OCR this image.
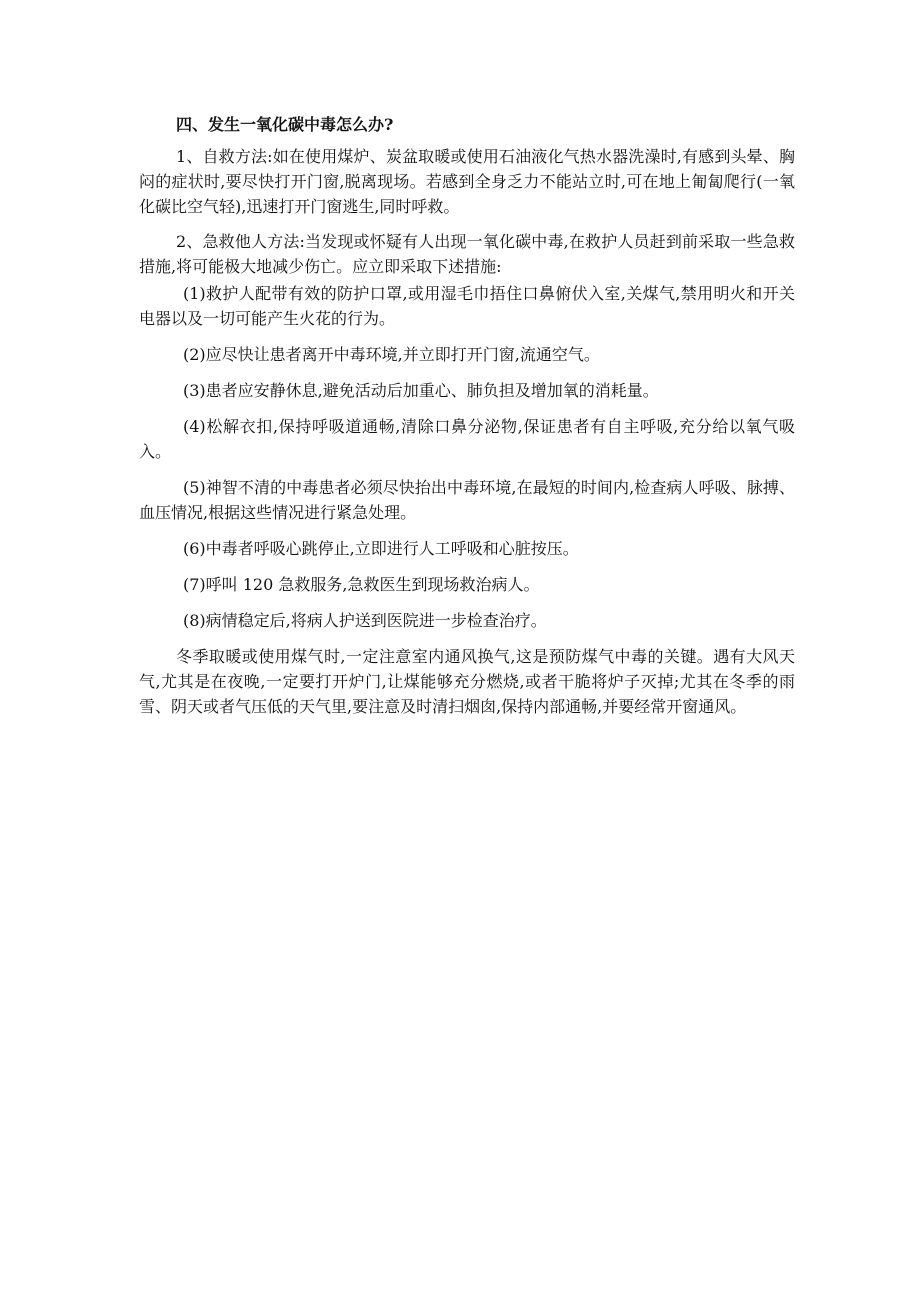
四、发生一氧化碳中毒怎么办?

1、自救方法:如在使用煤炉、炭盆取暖或使用石油液化气热水器洗澡时,有感到头晕、胸闷的症状时,要尽快打开门窗,脱离现场。若感到全身乏力不能站立时,可在地上匍匐爬行(一氧化碳比空气轻),迅速打开门窗逃生,同时呼救。

2、急救他人方法:当发现或怀疑有人出现一氧化碳中毒,在救护人员赶到前采取一些急救措施,将可能极大地减少伤亡。应立即采取下述措施:

(1)救护人配带有效的防护口罩,或用湿毛巾捂住口鼻俯伏入室,关煤气,禁用明火和开关电器以及一切可能产生火花的行为。

(2)应尽快让患者离开中毒环境,并立即打开门窗,流通空气。

(3)患者应安静休息,避免活动后加重心、肺负担及增加氧的消耗量。

(4)松解衣扣,保持呼吸道通畅,清除口鼻分泌物,保证患者有自主呼吸,充分给以氧气吸入。

(5)神智不清的中毒患者必须尽快抬出中毒环境,在最短的时间内,检查病人呼吸、脉搏、血压情况,根据这些情况进行紧急处理。

(6)中毒者呼吸心跳停止,立即进行人工呼吸和心脏按压。

(7)呼叫 120 急救服务,急救医生到现场救治病人。

(8)病情稳定后,将病人护送到医院进一步检查治疗。

冬季取暖或使用煤气时,一定注意室内通风换气,这是预防煤气中毒的关键。遇有大风天气,尤其是在夜晚,一定要打开炉门,让煤能够充分燃烧,或者干脆将炉子灭掉;尤其在冬季的雨雪、阴天或者气压低的天气里,要注意及时清扫烟囱,保持内部通畅,并要经常开窗通风。
